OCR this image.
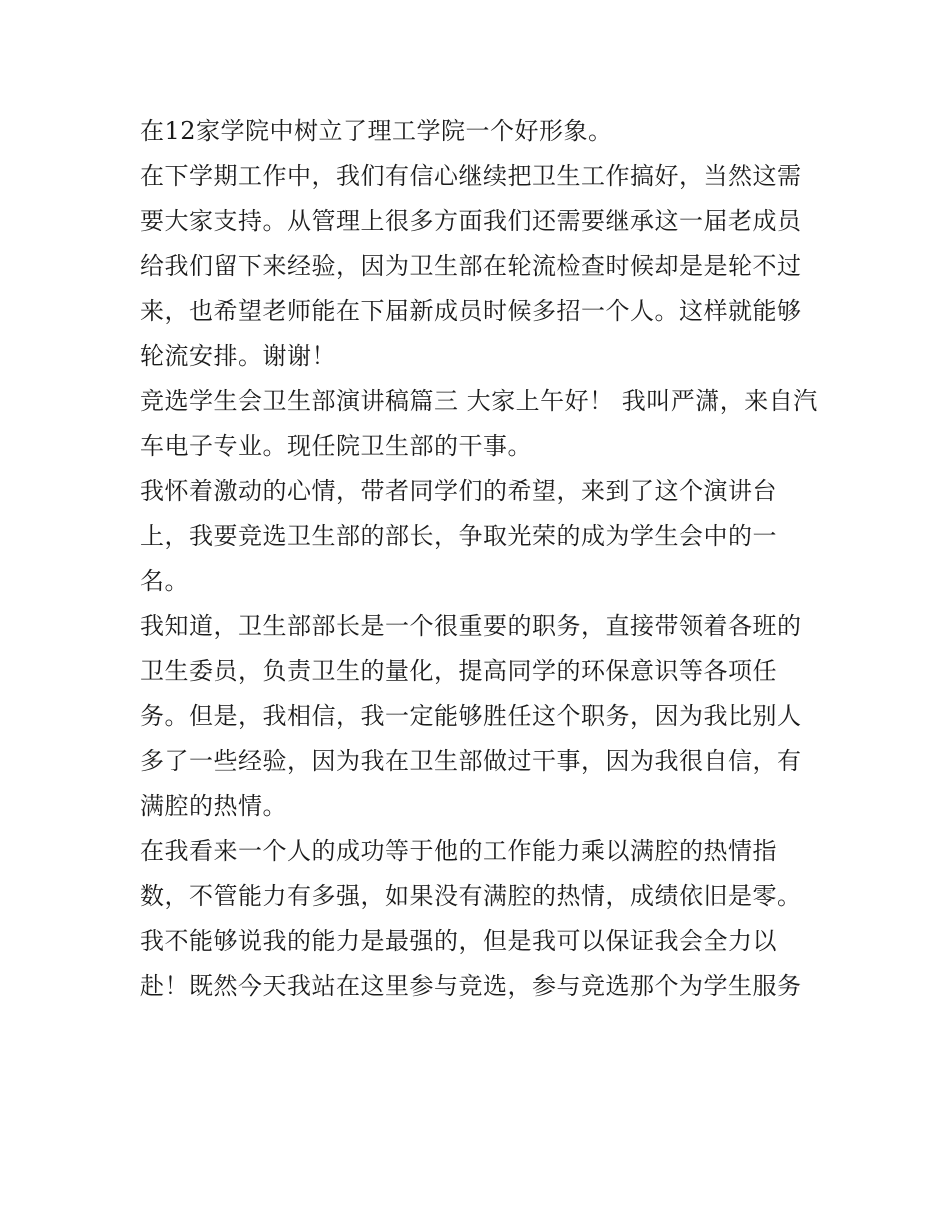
在12家学院中树立了理工学院一个好形象。

在下学期工作中，我们有信心继续把卫生工作搞好，当然这需要大家支持。从管理上很多方面我们还需要继承这一届老成员给我们留下来经验，因为卫生部在轮流检查时候却是是轮不过来，也希望老师能在下届新成员时候多招一个人。这样就能够轮流安排。谢谢！

竞选学生会卫生部演讲稿篇三 大家上午好！ 我叫严潇，来自汽车电子专业。现任院卫生部的干事。

我怀着激动的心情，带者同学们的希望，来到了这个演讲台上，我要竞选卫生部的部长，争取光荣的成为学生会中的一名。

我知道，卫生部部长是一个很重要的职务，直接带领着各班的卫生委员，负责卫生的量化，提高同学的环保意识等各项任务。但是，我相信，我一定能够胜任这个职务，因为我比别人多了一些经验，因为我在卫生部做过干事，因为我很自信，有满腔的热情。

在我看来一个人的成功等于他的工作能力乘以满腔的热情指数，不管能力有多强，如果没有满腔的热情，成绩依旧是零。我不能够说我的能力是最强的，但是我可以保证我会全力以赴！既然今天我站在这里参与竞选，参与竞选那个为学生服务
